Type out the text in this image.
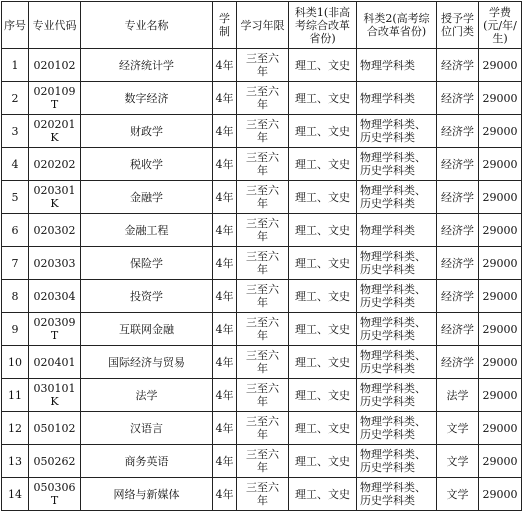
序号	专业代码	专业名称	学制	学习年限	科类1(非高考综合改革省份)	科类2(高考综合改革省份)	授予学位门类	学费(元/年/生)
1	020102	经济统计学	4年	三至六年	理工、文史	物理学科类	经济学	29000
2	020109T	数字经济	4年	三至六年	理工、文史	物理学科类	经济学	29000
3	020201K	财政学	4年	三至六年	理工、文史	物理学科类、历史学科类	经济学	29000
4	020202	税收学	4年	三至六年	理工、文史	物理学科类、历史学科类	经济学	29000
5	020301K	金融学	4年	三至六年	理工、文史	物理学科类、历史学科类	经济学	29000
6	020302	金融工程	4年	三至六年	理工、文史	物理学科类	经济学	29000
7	020303	保险学	4年	三至六年	理工、文史	物理学科类、历史学科类	经济学	29000
8	020304	投资学	4年	三至六年	理工、文史	物理学科类、历史学科类	经济学	29000
9	020309T	互联网金融	4年	三至六年	理工、文史	物理学科类、历史学科类	经济学	29000
10	020401	国际经济与贸易	4年	三至六年	理工、文史	物理学科类、历史学科类	经济学	29000
11	030101K	法学	4年	三至六年	理工、文史	物理学科类、历史学科类	法学	29000
12	050102	汉语言	4年	三至六年	理工、文史	物理学科类、历史学科类	文学	29000
13	050262	商务英语	4年	三至六年	理工、文史	物理学科类、历史学科类	文学	29000
14	050306T	网络与新媒体	4年	三至六年	理工、文史	物理学科类、历史学科类	文学	29000
